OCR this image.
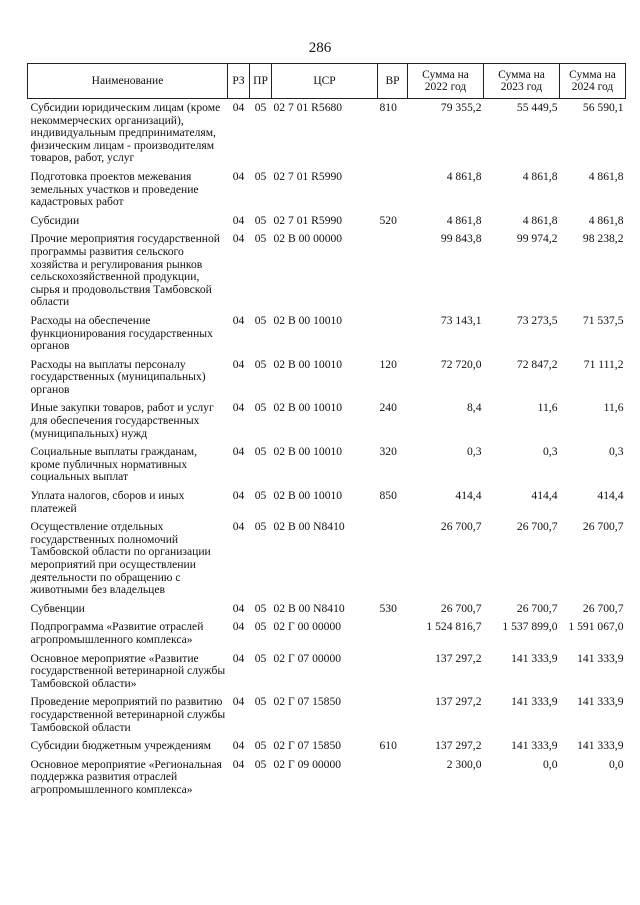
286
Наименование	РЗ	ПР	ЦСР	ВР	Сумма на 2022 год	Сумма на 2023 год	Сумма на 2024 год
Субсидии юридическим лицам (кроме некоммерческих организаций), индивидуальным предпринимателям, физическим лицам - производителям товаров, работ, услуг	04	05	02 7 01 R5680	810	79 355,2	55 449,5	56 590,1
Подготовка проектов межевания земельных участков и проведение кадастровых работ	04	05	02 7 01 R5990		4 861,8	4 861,8	4 861,8
Субсидии	04	05	02 7 01 R5990	520	4 861,8	4 861,8	4 861,8
Прочие мероприятия государственной программы развития сельского хозяйства и регулирования рынков сельскохозяйственной продукции, сырья и продовольствия Тамбовской области	04	05	02 В 00 00000		99 843,8	99 974,2	98 238,2
Расходы на обеспечение функционирования государственных органов	04	05	02 В 00 10010		73 143,1	73 273,5	71 537,5
Расходы на выплаты персоналу государственных (муниципальных) органов	04	05	02 В 00 10010	120	72 720,0	72 847,2	71 111,2
Иные закупки товаров, работ и услуг для обеспечения государственных (муниципальных) нужд	04	05	02 В 00 10010	240	8,4	11,6	11,6
Социальные выплаты гражданам, кроме публичных нормативных социальных выплат	04	05	02 В 00 10010	320	0,3	0,3	0,3
Уплата налогов, сборов и иных платежей	04	05	02 В 00 10010	850	414,4	414,4	414,4
Осуществление отдельных государственных полномочий Тамбовской области по организации мероприятий при осуществлении деятельности по обращению с животными без владельцев	04	05	02 В 00 N8410		26 700,7	26 700,7	26 700,7
Субвенции	04	05	02 В 00 N8410	530	26 700,7	26 700,7	26 700,7
Подпрограмма «Развитие отраслей агропромышленного комплекса»	04	05	02 Г 00 00000		1 524 816,7	1 537 899,0	1 591 067,0
Основное мероприятие «Развитие государственной ветеринарной службы Тамбовской области»	04	05	02 Г 07 00000		137 297,2	141 333,9	141 333,9
Проведение мероприятий по развитию государственной ветеринарной службы Тамбовской области	04	05	02 Г 07 15850		137 297,2	141 333,9	141 333,9
Субсидии бюджетным учреждениям	04	05	02 Г 07 15850	610	137 297,2	141 333,9	141 333,9
Основное мероприятие «Региональная поддержка развития отраслей агропромышленного комплекса»	04	05	02 Г 09 00000		2 300,0	0,0	0,0
